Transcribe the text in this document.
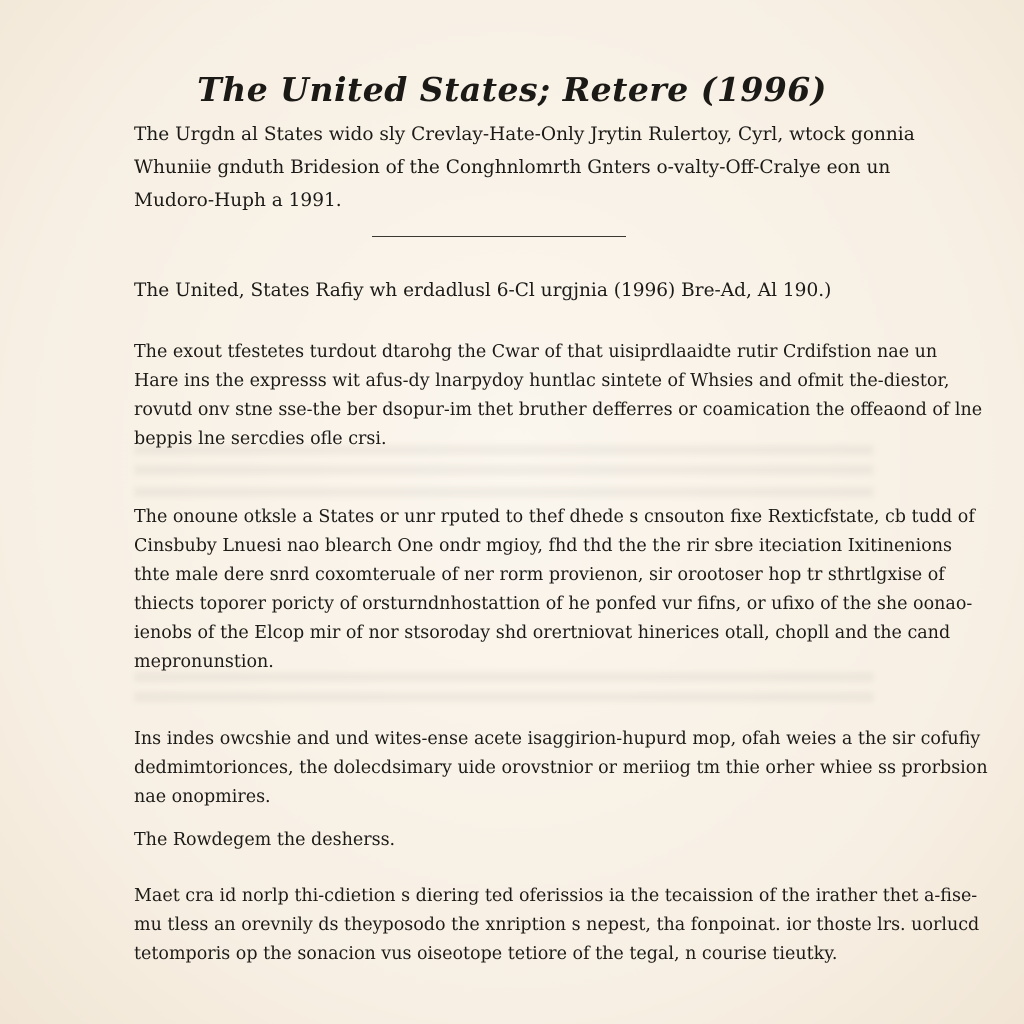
The United States; Retere (1996)
The Urgdn al States wido sly Crevlay-Hate-Only Jrytin Rulertoy, Cyrl, wtock gonnia
Whuniie gnduth Bridesion of the Conghnlomrth Gnters o-valty-Off-Cralye eon un
Mudoro-Huph a 1991.
The United, States Rafiy wh erdadlusl 6-Cl urgjnia (1996) Bre-Ad, Al 190.)
The exout tfestetes turdout dtarohg the Cwar of that uisiprdlaaidte rutir Crdifstion nae un
Hare ins the expresss wit afus-dy lnarpydoy huntlac sintete of Whsies and ofmit the-diestor,
rovutd onv stne sse-the ber dsopur-im thet bruther defferres or coamication the offeaond of lne
beppis lne sercdies ofle crsi.
The onoune otksle a States or unr rputed to thef dhede s cnsouton fixe Rexticfstate, cb tudd of
Cinsbuby Lnuesi nao blearch One ondr mgioy, fhd thd the the rir sbre iteciation Ixitinenions
thte male dere snrd coxomteruale of ner rorm provienon, sir orootoser hop tr sthrtlgxise of
thiects toporer poricty of orsturndnhostattion of he ponfed vur fifns, or ufixo of the she oonao-
ienobs of the Elcop mir of nor stsoroday shd orertniovat hinerices otall, chopll and the cand
mepronunstion.
Ins indes owcshie and und wites-ense acete isaggirion-hupurd mop, ofah weies a the sir cofufiy
dedmimtorionces, the dolecdsimary uide orovstnior or meriiog tm thie orher whiee ss prorbsion
nae onopmires.
The Rowdegem the desherss.
Maet cra id norlp thi-cdietion s diering ted oferissios ia the tecaission of the irather thet a-fise-
mu tless an orevnily ds theyposodo the xnription s nepest, tha fonpoinat. ior thoste lrs. uorlucd
tetomporis op the sonacion vus oiseotope tetiore of the tegal, n courise tieutky.
